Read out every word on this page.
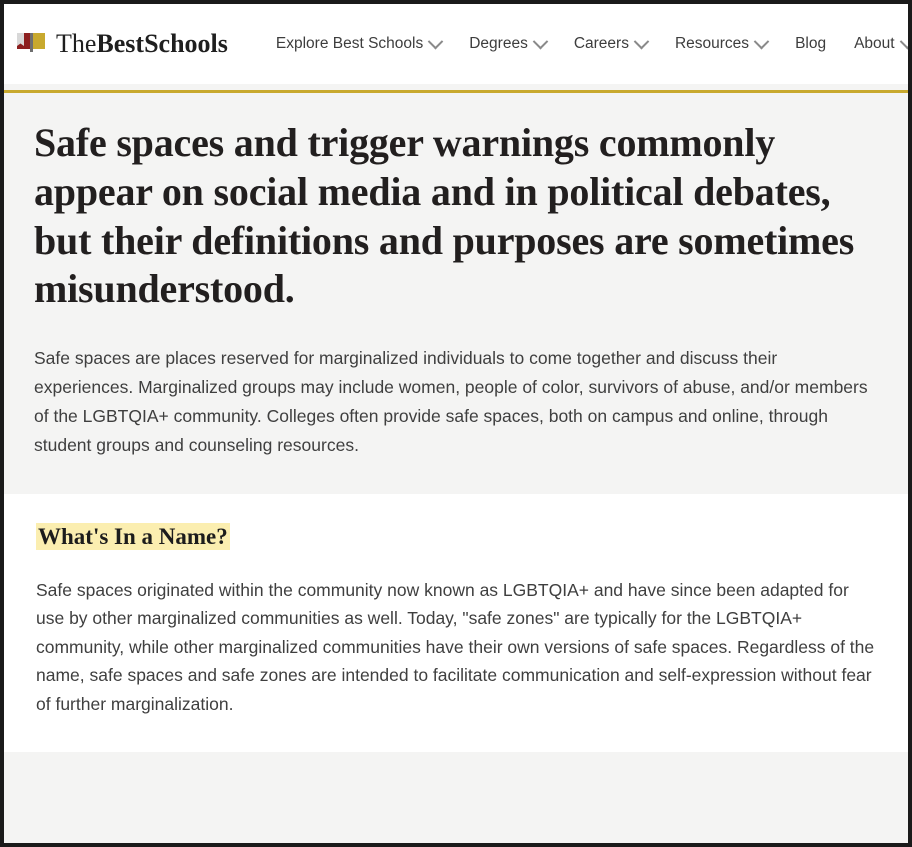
TheBestSchools	Explore Best Schools	Degrees	Careers	Resources	Blog About
Safe spaces and trigger warnings commonly appear on social media and in political debates, but their definitions and purposes are sometimes misunderstood.

Safe spaces are places reserved for marginalized individuals to come together and discuss their experiences. Marginalized groups may include women, people of color, survivors of abuse, and/or members of the LGBTQIA+ community. Colleges often provide safe spaces, both on campus and online, through student groups and counseling resources.

What's In a Name?

Safe spaces originated within the community now known as LGBTQIA+ and have since been adapted for use by other marginalized communities as well. Today, "safe zones" are typically for the LGBTQIA+ community, while other marginalized communities have their own versions of safe spaces. Regardless of the name, safe spaces and safe zones are intended to facilitate communication and self-expression without fear of further marginalization.
